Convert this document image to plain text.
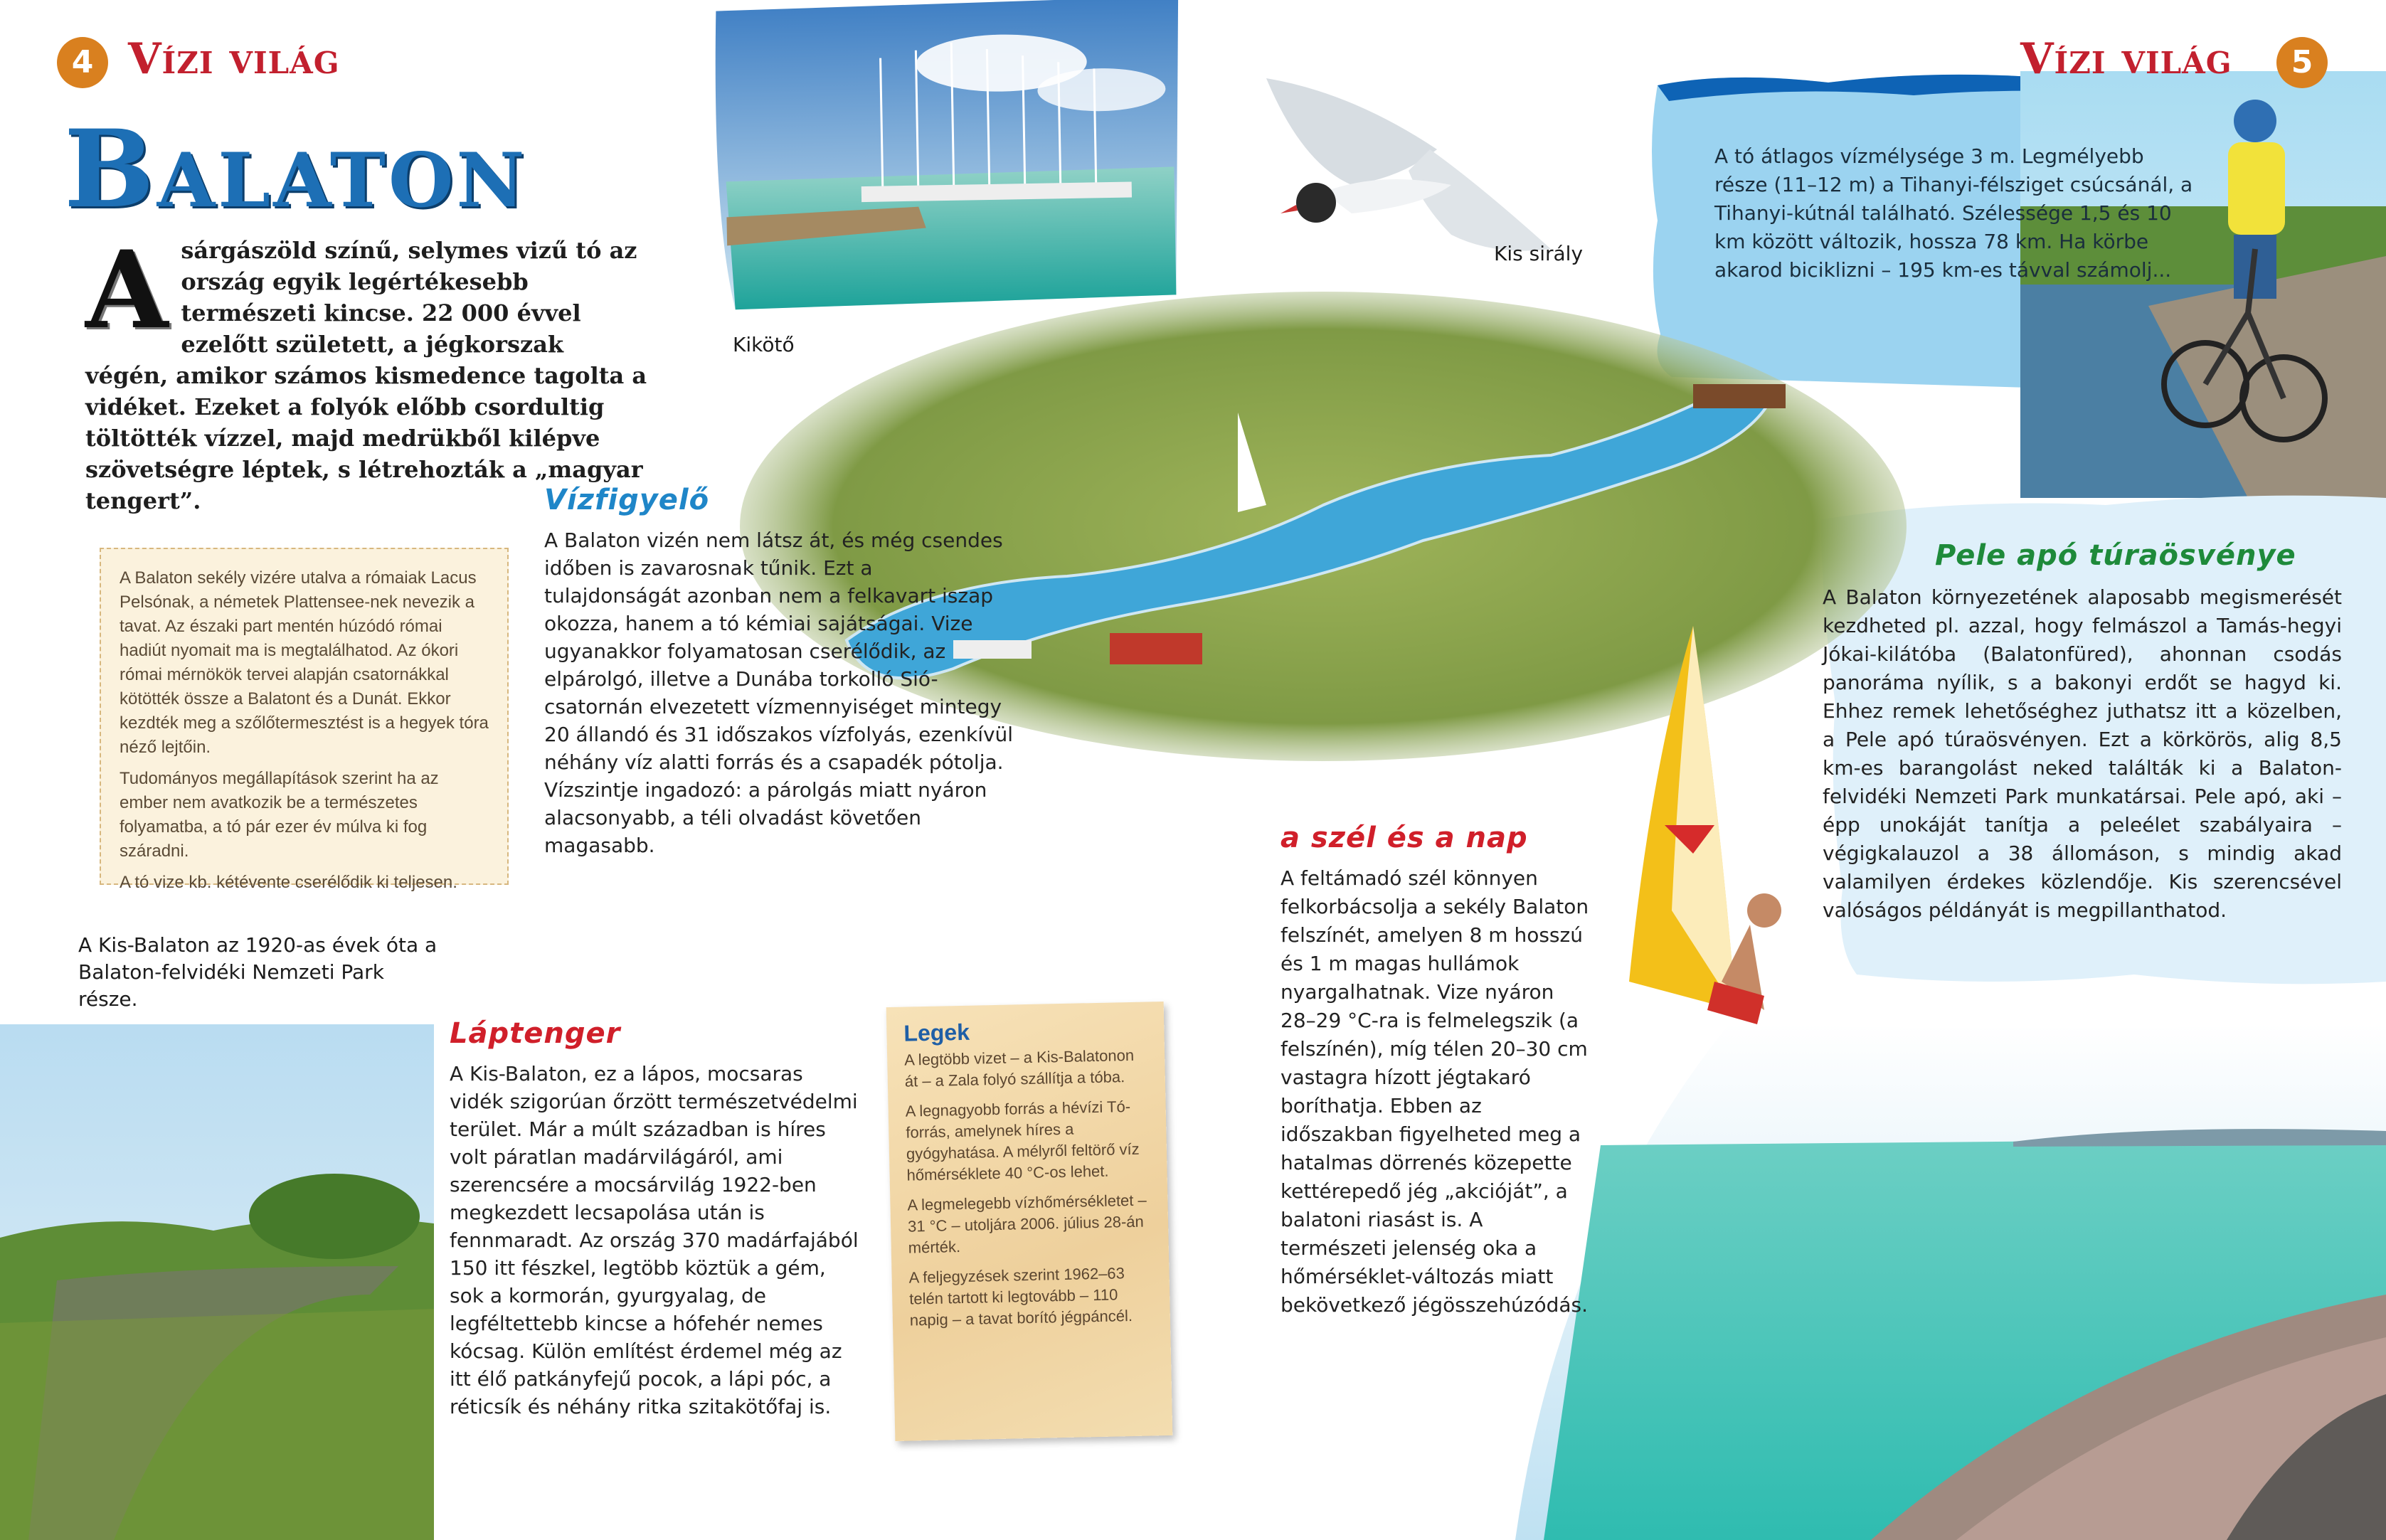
4 Vízi világ	Vízi világ	5
Balaton
A sárgászöld színű, selymes vizű tó az ország egyik legértékesebb természeti kincse. 22 000 évvel ezelőtt született, a jégkorszak végén, amikor számos kismedence tagolta a vidéket. Ezeket a folyók előbb csordultig töltötték vízzel, majd medrükből kilépve szövetségre léptek, s létrehozták a „magyar tengert”.
Kikötő
Kis sirály
A Kis-Balaton az 1920-as évek óta a Balaton-felvidéki Nemzeti Park része.

A Balaton sekély vizére utalva a rómaiak Lacus Pelsónak, a németek Plattensee-nek nevezik a tavat. Az északi part mentén húzódó római hadiút nyomait ma is megtalálhatod. Az ókori római mérnökök tervei alapján csatornákkal kötötték össze a Balatont és a Dunát. Ekkor kezdték meg a szőlőtermesztést is a hegyek tóra néző lejtőin.

Tudományos megállapítások szerint ha az ember nem avatkozik be a természetes folyamatba, a tó pár ezer év múlva ki fog száradni.

A tó vize kb. kétévente cserélődik ki teljesen.

Vízfigyelő
A Balaton vizén nem látsz át, és még csendes időben is zavarosnak tűnik. Ezt a tulajdonságát azonban nem a felkavart iszap okozza, hanem a tó kémiai sajátságai. Vize ugyanakkor folyamatosan cserélődik, az elpárolgó, illetve a Dunába torkolló Sió-csatornán elvezetett vízmennyiséget mintegy 20 állandó és 31 időszakos vízfolyás, ezenkívül néhány víz alatti forrás és a csapadék pótolja. Vízszintje ingadozó: a párolgás miatt nyáron alacsonyabb, a téli olvadást követően magasabb.
Láptenger
A Kis-Balaton, ez a lápos, mocsaras vidék szigorúan őrzött természetvédelmi terület. Már a múlt században is híres volt páratlan madárvilágáról, ami szerencsére a mocsárvilág 1922-ben megkezdett lecsapolása után is fennmaradt. Az ország 370 madárfajából 150 itt fészkel, legtöbb köztük a gém, sok a kormorán, gyurgyalag, de legféltettebb kincse a hófehér nemes kócsag. Külön említést érdemel még az itt élő patkányfejű pocok, a lápi póc, a réticsík és néhány ritka szitakötőfaj is.
Legek

A legtöbb vizet – a Kis-Balatonon át – a Zala folyó szállítja a tóba.

A legnagyobb forrás a hévízi Tó-forrás, amelynek híres a gyógyhatása. A mélyről feltörő víz hőmérséklete 40 °C-os lehet.

A legmelegebb vízhőmérsékletet – 31 °C – utoljára 2006. július 28-án mérték.

A feljegyzések szerint 1962–63 telén tartott ki legtovább – 110 napig – a tavat borító jégpáncél.

A tó átlagos vízmélysége 3 m. Legmélyebb része (11–12 m) a Tihanyi-félsziget csúcsánál, a Tihanyi-kútnál található. Szélessége 1,5 és 10 km között változik, hossza 78 km. Ha körbe akarod biciklizni – 195 km-es távval számolj...
Pele apó túraösvénye
A Balaton környezetének alaposabb megismerését kezdheted pl. azzal, hogy felmászol a Tamás-hegyi Jókai-kilátóba (Balatonfüred), ahonnan csodás panoráma nyílik, s a bakonyi erdőt se hagyd ki. Ehhez remek lehetőséghez juthatsz itt a közelben, a Pele apó túraösvényen. Ezt a körkörös, alig 8,5 km-es barangolást neked találták ki a Balaton-felvidéki Nemzeti Park munkatársai. Pele apó, aki – épp unokáját tanítja a peleélet szabályaira – végigkalauzol a 38 állomáson, s mindig akad valamilyen érdekes közlendője. Kis szerencsével valóságos példányát is megpillanthatod.
a szél és a nap
A feltámadó szél könnyen felkorbácsolja a sekély Balaton felszínét, amelyen 8 m hosszú és 1 m magas hullámok nyargalhatnak. Vize nyáron 28–29 °C-ra is felmelegszik (a felszínén), míg télen 20–30 cm vastagra hízott jégtakaró boríthatja. Ebben az időszakban figyelheted meg a hatalmas dörrenés közepette kettérepedő jég „akcióját”, a balatoni riasást is. A természeti jelenség oka a hőmérséklet-változás miatt bekövetkező jégösszehúzódás.
